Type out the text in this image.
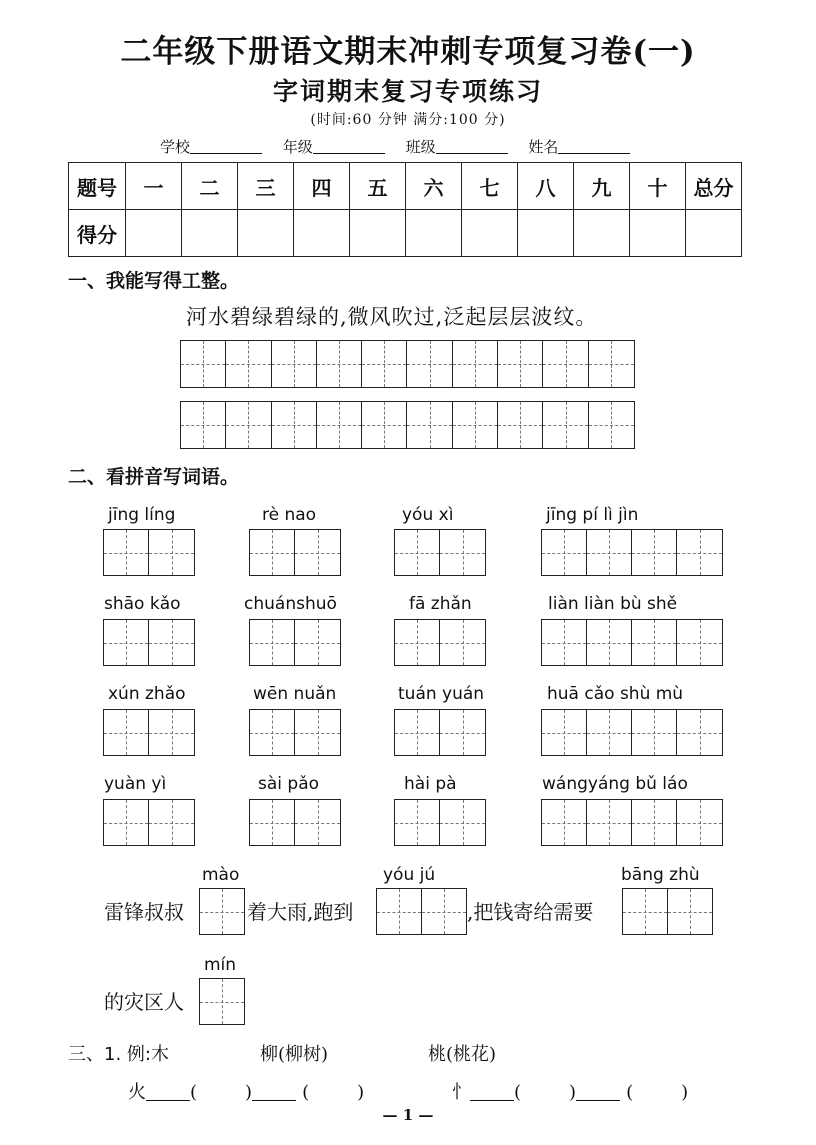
二年级下册语文期末冲刺专项复习卷(一)
字词期末复习专项练习
(时间:60 分钟 满分:100 分)
学校	年级	班级	姓名
题号	一	二	三	四	五	六	七	八	九	十	总分
得分											
一、我能写得工整。
河水碧绿碧绿的,微风吹过,泛起层层波纹。
二、看拼音写词语。
jīng líng	rè nao	yóu xì	jīng pí lì jìn
shāo kǎo	chuánshuō	fā zhǎn	liàn liàn bù shě
xún zhǎo	wēn nuǎn	tuán yuán	huā cǎo shù mù
yuàn yì	sài pǎo	hài pà	wángyáng bǔ láo
mào	yóu jú	bāng zhù
雷锋叔叔	着大雨,跑到	,把钱寄给需要
mín
的灾区人
三、1. 例:木	柳(柳树)	桃(桃花)
火 (	)	(	)	忄 (	)	(	)
— 1 —
